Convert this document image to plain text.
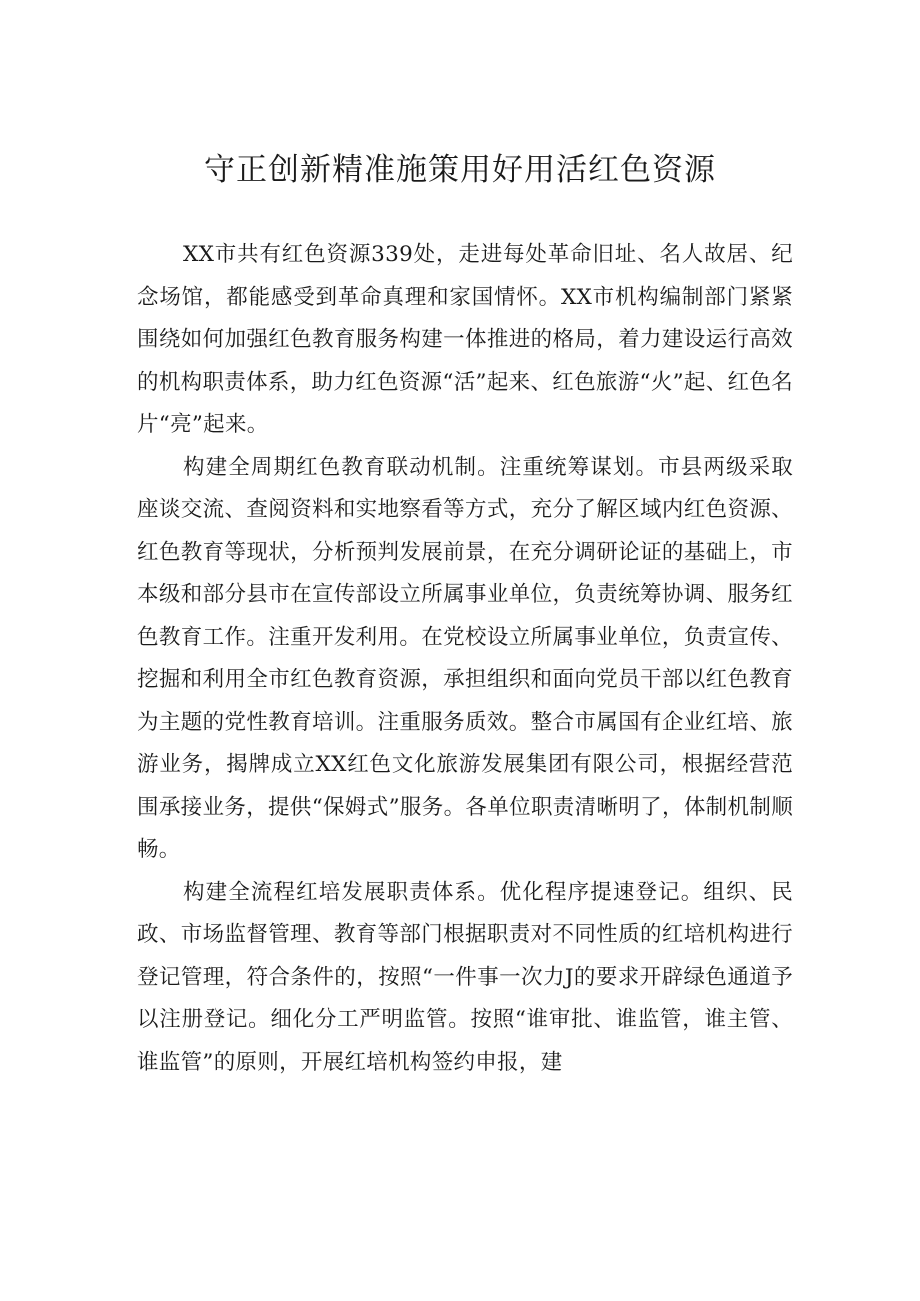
守正创新精准施策用好用活红色资源

XX市共有红色资源339处，走进每处革命旧址、名人故居、纪念场馆，都能感受到革命真理和家国情怀。XX市机构编制部门紧紧围绕如何加强红色教育服务构建一体推进的格局，着力建设运行高效的机构职责体系，助力红色资源“活”起来、红色旅游“火”起、红色名片“亮”起来。

构建全周期红色教育联动机制。注重统筹谋划。市县两级采取座谈交流、查阅资料和实地察看等方式，充分了解区域内红色资源、红色教育等现状，分析预判发展前景，在充分调研论证的基础上，市本级和部分县市在宣传部设立所属事业单位，负责统筹协调、服务红色教育工作。注重开发利用。在党校设立所属事业单位，负责宣传、挖掘和利用全市红色教育资源，承担组织和面向党员干部以红色教育为主题的党性教育培训。注重服务质效。整合市属国有企业红培、旅游业务，揭牌成立XX红色文化旅游发展集团有限公司，根据经营范围承接业务，提供“保姆式”服务。各单位职责清晰明了，体制机制顺畅。

构建全流程红培发展职责体系。优化程序提速登记。组织、民政、市场监督管理、教育等部门根据职责对不同性质的红培机构进行登记管理，符合条件的，按照“一件事一次力J的要求开辟绿色通道予以注册登记。细化分工严明监管。按照“谁审批、谁监管，谁主管、谁监管”的原则，开展红培机构签约申报，建
